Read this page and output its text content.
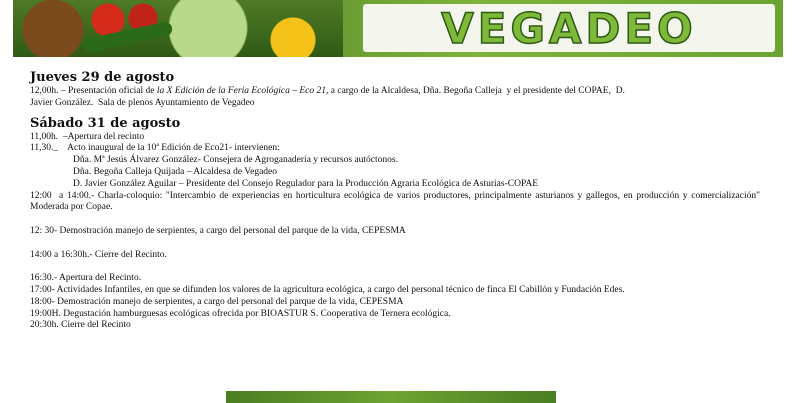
VEGADEO

Jueves 29 de agosto

12,00h. – Presentación oficial de la X Edición de la Feria Ecológica – Eco 21, a cargo de la Alcaldesa, Dña. Begoña Calleja  y el presidente del COPAE,  D.

Javier González.  Sala de plenos Ayuntamiento de Vegadeo

Sábado 31 de agosto

11,00h.  –Apertura del recinto

11,30._    Acto inaugural de la 10ª Edición de Eco21- intervienen:

Dña. Mª Jesús Álvarez González- Consejera de Agroganadería y recursos autóctonos.

Dña. Begoña Calleja Quijada – Alcaldesa de Vegadeo

D. Javier González Aguilar – Presidente del Consejo Regulador para la Producción Agraria Ecológica de Asturias-COPAE

12:00  a 14:00.- Charla-coloquio: "Intercambio de experiencias en horticultura ecológica de varios productores, principalmente asturianos y gallegos, en producción y comercialización"  Moderada por Copae.

12: 30- Demostración manejo de serpientes, a cargo del personal del parque de la vida, CEPESMA

14:00 a 16:30h.- Cierre del Recinto.

16:30.- Apertura del Recinto.

17:00- Actividades Infantiles, en que se difunden los valores de la agricultura ecológica, a cargo del personal técnico de finca El Cabillón y Fundación Edes.

18:00- Demostración manejo de serpientes, a cargo del personal del parque de la vida, CEPESMA

19:00H. Degustación hamburguesas ecológicas ofrecida por BIOASTUR S. Cooperativa de Ternera ecológica.

20:30h. Cierre del Recinto
